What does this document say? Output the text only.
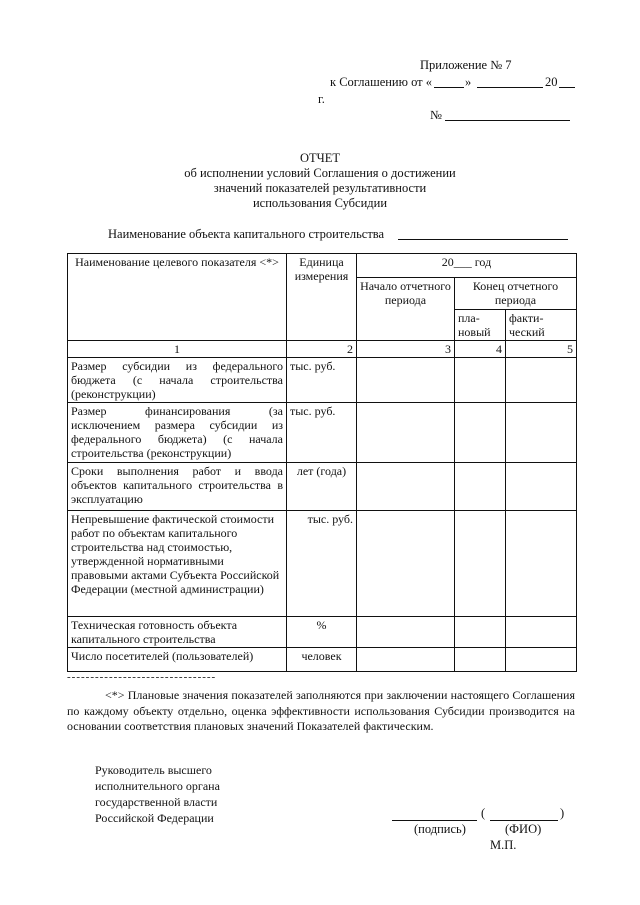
Приложение № 7
к Соглашению от «	»	20
г.
№
ОТЧЕТ
об исполнении условий Соглашения о достижении
значений показателей результативности
использования Субсидии
Наименование объекта капитального строительства
Наименование целевого показателя <*>	Единица измерения	20___ год		
		Начало отчетного периода	Конец отчетного периода	
			пла- новый	факти- ческий
1	2	3	4	5
Размер субсидии из федерального бюджета (с начала строительства (реконструкции)	тыс. руб.			
Размер финансирования (за исключением размера субсидии из федерального бюджета) (с начала строительства (реконструкции)	тыс. руб.			
Сроки выполнения работ и ввода объектов капитального строительства в эксплуатацию	лет (года)			
Непревышение фактической стоимости работ по объектам капитального строительства над стоимостью, утвержденной нормативными правовыми актами Субъекта Российской Федерации (местной администрации)	тыс. руб.			
Техническая готовность объекта капитального строительства	%			
Число посетителей (пользователей)	человек			
--------------------------------
<*> Плановые значения показателей заполняются при заключении настоящего Соглашения по каждому объекту отдельно, оценка эффективности использования Субсидии производится на основании соответствия плановых значений Показателей фактическим.
Руководитель высшего
исполнительного органа
государственной власти
Российской Федерации	(	)
(подпись)	(ФИО)
М.П.
